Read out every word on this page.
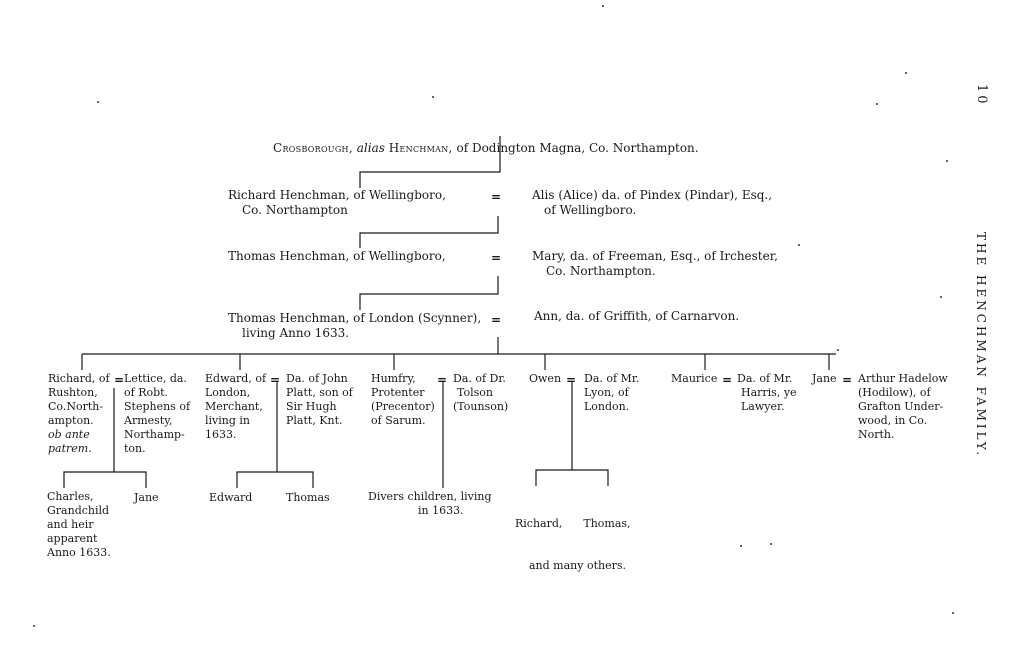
10
THE HENCHMAN FAMILY.
Crosborough, alias Henchman, of Dodington Magna, Co. Northampton.
Richard Henchman, of Wellingboro,
Co. Northampton
=	Alis (Alice) da. of Pindex (Pindar), Esq.,
of Wellingboro.
Thomas Henchman, of Wellingboro,	=	Mary, da. of Freeman, Esq., of Irchester,
Co. Northampton.
Thomas Henchman, of London (Scynner),
living Anno 1633.
=	Ann, da. of Griffith, of Carnarvon.
Richard, of
Rushton,
Co.North-
ampton.
ob ante
patrem.
= Lettice, da.
of Robt.
Stephens of
Armesty,
Northamp-
ton.
Edward, of
London,
Merchant,
living in
1633.
= Da. of John
Platt, son of
Sir Hugh
Platt, Knt.
Humfry,
Protenter
(Precentor)
of Sarum.
= Da. of Dr.
Tolson
(Tounson)
Owen = Da. of Mr.
Lyon, of
London.
Maurice = Da. of Mr.
Harris, ye
Lawyer.
Jane = Arthur Hadelow
(Hodilow), of
Grafton Under-
wood, in Co.
North.
Charles,
Grandchild
and heir
apparent
Anno 1633.
Jane	Edward	Thomas	Divers children, living
in 1633.

Richard,      Thomas,

and many others.
